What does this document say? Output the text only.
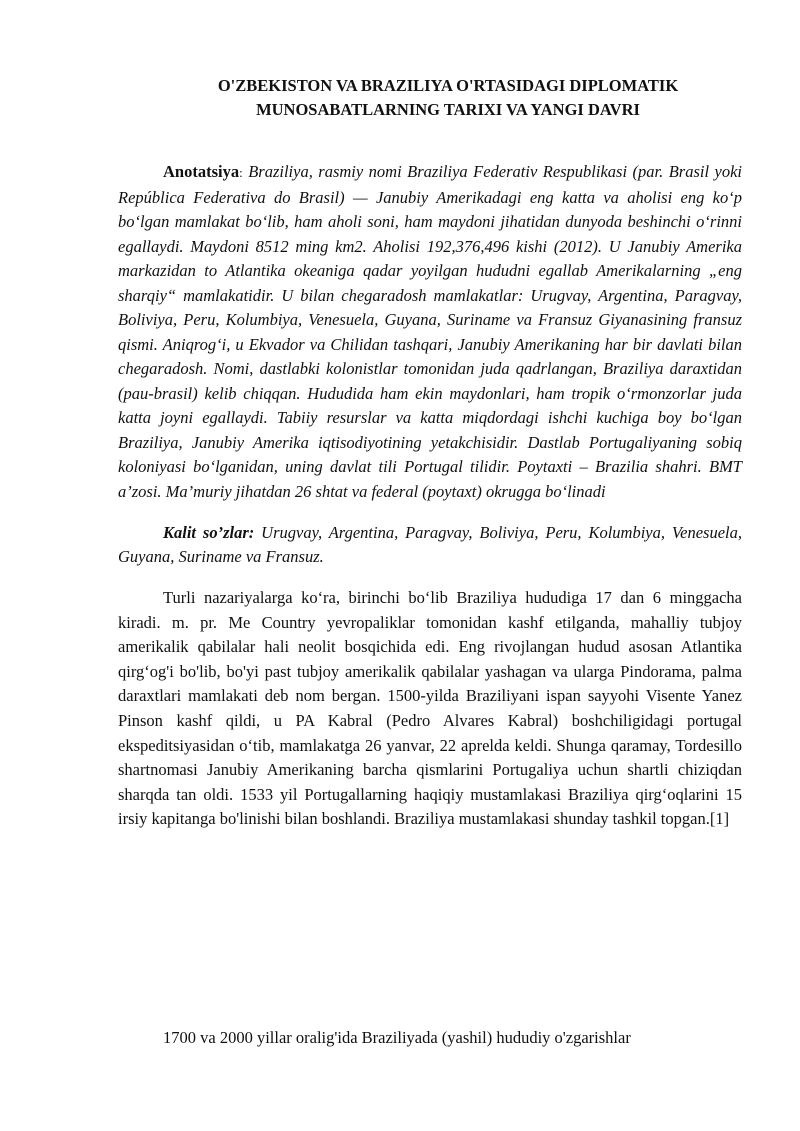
O'ZBEKISTON VA BRAZILIYA O'RTASIDAGI DIPLOMATIK
MUNOSABATLARNING TARIXI VA YANGI DAVRI

Anotatsiya: Braziliya, rasmiy nomi Braziliya Federativ Respublikasi (par. Brasil yoki República Federativa do Brasil) — Janubiy Amerikadagi eng katta va aholisi eng koʻp boʻlgan mamlakat boʻlib, ham aholi soni, ham maydoni jihatidan dunyoda beshinchi oʻrinni egallaydi. Maydoni 8512 ming km2. Aholisi 192,376,496 kishi (2012). U Janubiy Amerika markazidan to Atlantika okeaniga qadar yoyilgan hududni egallab Amerikalarning „eng sharqiy“ mamlakatidir. U bilan chegaradosh mamlakatlar: Urugvay, Argentina, Paragvay, Boliviya, Peru, Kolumbiya, Venesuela, Guyana, Suriname va Fransuz Giyanasining fransuz qismi. Aniqrogʻi, u Ekvador va Chilidan tashqari, Janubiy Amerikaning har bir davlati bilan chegaradosh. Nomi, dastlabki kolonistlar tomonidan juda qadrlangan, Braziliya daraxtidan (pau-brasil) kelib chiqqan. Hududida ham ekin maydonlari, ham tropik oʻrmonzorlar juda katta joyni egallaydi. Tabiiy resurslar va katta miqdordagi ishchi kuchiga boy boʻlgan Braziliya, Janubiy Amerika iqtisodiyotining yetakchisidir. Dastlab Portugaliyaning sobiq koloniyasi boʻlganidan, uning davlat tili Portugal tilidir. Poytaxti – Brazilia shahri. BMT a’zosi. Ma’muriy jihatdan 26 shtat va federal (poytaxt) okrugga boʻlinadi

Kalit so’zlar: Urugvay, Argentina, Paragvay, Boliviya, Peru, Kolumbiya, Venesuela, Guyana, Suriname va Fransuz.

Turli nazariyalarga koʻra, birinchi boʻlib Braziliya hududiga 17 dan 6 minggacha kiradi. m. pr. Me Country yevropaliklar tomonidan kashf etilganda, mahalliy tubjoy amerikalik qabilalar hali neolit bosqichida edi. Eng rivojlangan hudud asosan Atlantika qirgʻog'i bo'lib, bo'yi past tubjoy amerikalik qabilalar yashagan va ularga Pindorama, palma daraxtlari mamlakati deb nom bergan. 1500-yilda Braziliyani ispan sayyohi Visente Yanez Pinson kashf qildi, u PA Kabral (Pedro Alvares Kabral) boshchiligidagi portugal ekspeditsiyasidan oʻtib, mamlakatga 26 yanvar, 22 aprelda keldi. Shunga qaramay, Tordesillo shartnomasi Janubiy Amerikaning barcha qismlarini Portugaliya uchun shartli chiziqdan sharqda tan oldi. 1533 yil Portugallarning haqiqiy mustamlakasi Braziliya qirgʻoqlarini 15 irsiy kapitanga bo'linishi bilan boshlandi. Braziliya mustamlakasi shunday tashkil topgan.[1]

1700 va 2000 yillar oralig'ida Braziliyada (yashil) hududiy o'zgarishlar
